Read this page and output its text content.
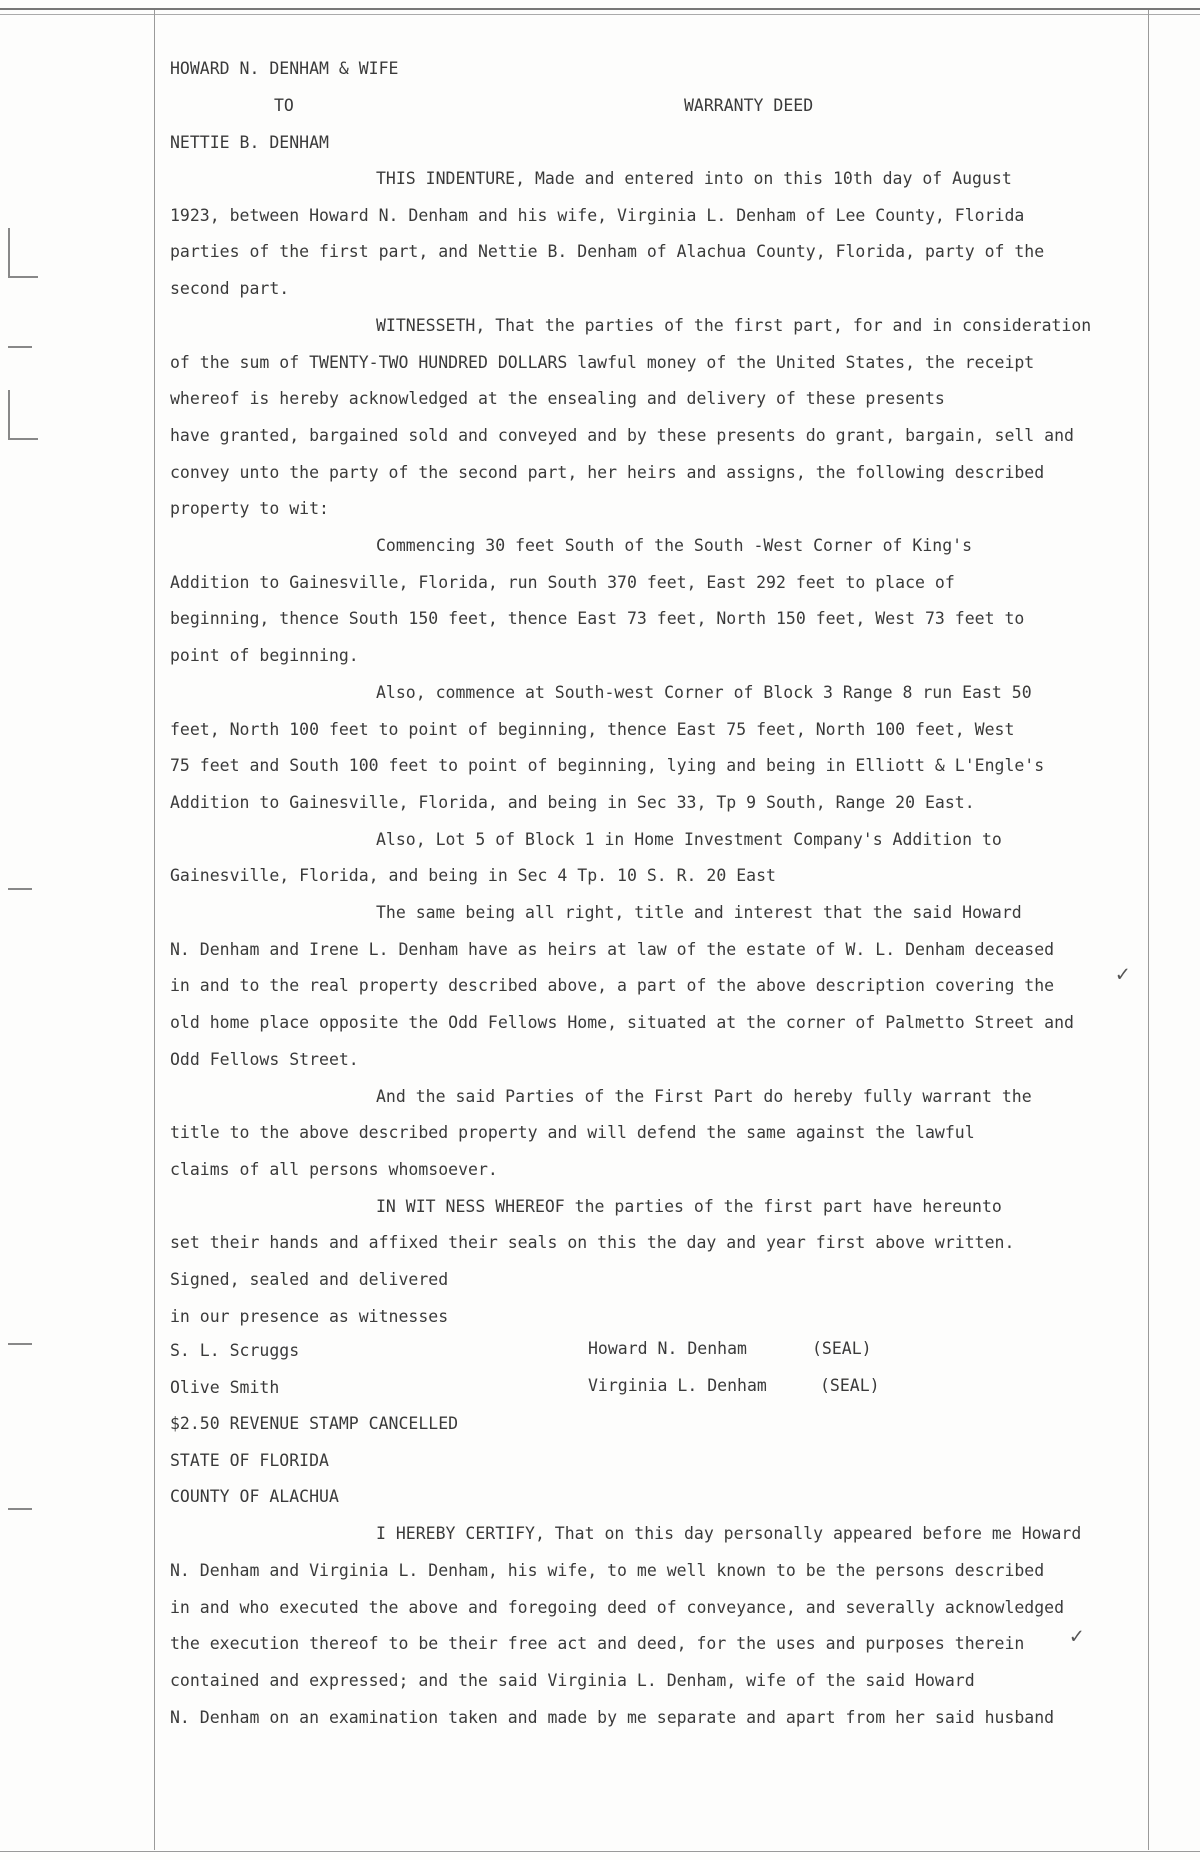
HOWARD N. DENHAM & WIFE
TO	WARRANTY DEED
NETTIE B. DENHAM
THIS INDENTURE, Made and entered into on this 10th day of August
1923, between Howard N. Denham and his wife, Virginia L. Denham of Lee County, Florida
parties of the first part, and Nettie B. Denham of Alachua County, Florida, party of the
second part.
WITNESSETH, That the parties of the first part, for and in consideration
of the sum of TWENTY-TWO HUNDRED DOLLARS lawful money of the United States, the receipt
whereof is hereby acknowledged at the ensealing and delivery of these presents
have granted, bargained sold and conveyed and by these presents do grant, bargain, sell and
convey unto the party of the second part, her heirs and assigns, the following described
property to wit:
Commencing 30 feet South of the South -West Corner of King's
Addition to Gainesville, Florida, run South 370 feet, East 292 feet to place of
beginning, thence South 150 feet, thence East 73 feet, North 150 feet, West 73 feet to
point of beginning.
Also, commence at South-west Corner of Block 3 Range 8 run East 50
feet, North 100 feet to point of beginning, thence East 75 feet, North 100 feet, West
75 feet and South 100 feet to point of beginning, lying and being in Elliott & L'Engle's
Addition to Gainesville, Florida, and being in Sec 33, Tp 9 South, Range 20 East.
Also, Lot 5 of Block 1 in Home Investment Company's Addition to
Gainesville, Florida, and being in Sec 4 Tp. 10 S. R. 20 East
The same being all right, title and interest that the said Howard
N. Denham and Irene L. Denham have as heirs at law of the estate of W. L. Denham deceased
in and to the real property described above, a part of the above description covering the
old home place opposite the Odd Fellows Home, situated at the corner of Palmetto Street and
Odd Fellows Street.
And the said Parties of the First Part do hereby fully warrant the
title to the above described property and will defend the same against the lawful
claims of all persons whomsoever.
IN WIT NESS WHEREOF the parties of the first part have hereunto
set their hands and affixed their seals on this the day and year first above written.
Signed, sealed and delivered
in our presence as witnesses
S. L. Scruggs
Olive Smith
Howard N. Denham	(SEAL)
Virginia L. Denham	(SEAL)
$2.50 REVENUE STAMP CANCELLED
STATE OF FLORIDA
COUNTY OF ALACHUA
I HEREBY CERTIFY, That on this day personally appeared before me Howard
N. Denham and Virginia L. Denham, his wife, to me well known to be the persons described
in and who executed the above and foregoing deed of conveyance, and severally acknowledged
the execution thereof to be their free act and deed, for the uses and purposes therein
contained and expressed; and the said Virginia L. Denham, wife of the said Howard
N. Denham on an examination taken and made by me separate and apart from her said husband
✓
✓
